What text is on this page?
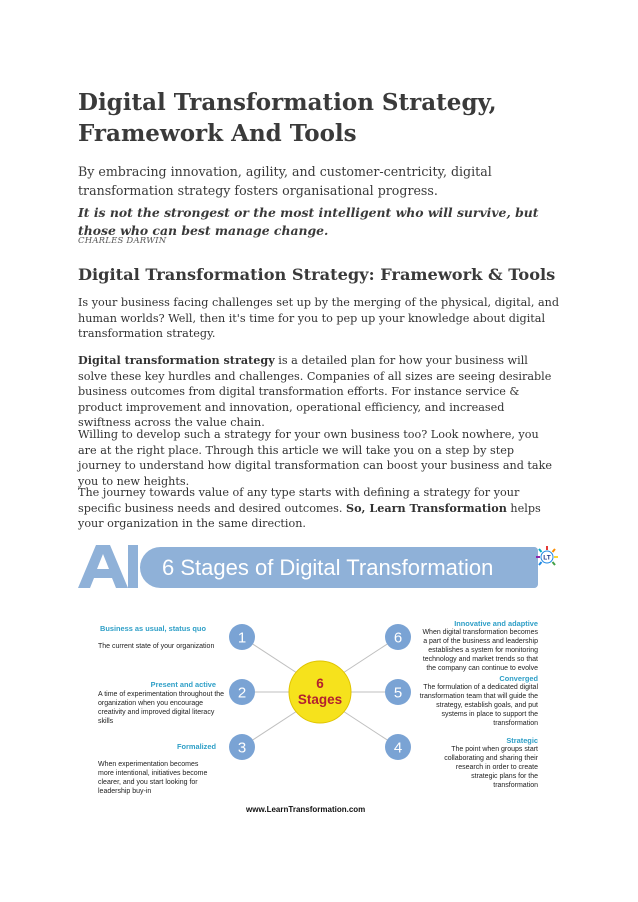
Digital Transformation Strategy, Framework And Tools

By embracing innovation, agility, and customer-centricity, digital transformation strategy fosters organisational progress.

It is not the strongest or the most intelligent who will survive, but those who can best manage change.

CHARLES DARWIN

Digital Transformation Strategy: Framework & Tools

Is your business facing challenges set up by the merging of the physical, digital, and human worlds? Well, then it's time for you to pep up your knowledge about digital transformation strategy.

Digital transformation strategy is a detailed plan for how your business will solve these key hurdles and challenges. Companies of all sizes are seeing desirable business outcomes from digital transformation efforts. For instance service & product improvement and innovation, operational efficiency, and increased swiftness across the value chain.

Willing to develop such a strategy for your own business too? Look nowhere, you are at the right place. Through this article we will take you on a step by step journey to understand how digital transformation can boost your business and take you to new heights.

The journey towards value of any type starts with defining a strategy for your specific business needs and desired outcomes. So, Learn Transformation helps your organization in the same direction.

6 Stages of Digital Transformation	LT
1
2
3	4
5
6
6
Stages
Business as usual, status quo
The current state of your organization
Present and active
A time of experimentation throughout the organization when you encourage creativity and improved digital literacy skills
Formalized
When experimentation becomes more intentional, initiatives become clearer, and you start looking for leadership buy-in
Innovative and adaptive
When digital transformation becomes a part of the business and leadership establishes a system for monitoring technology and market trends so that the company can continue to evolve
Converged
The formulation of a dedicated digital transformation team that will guide the strategy, establish goals, and put systems in place to support the transformation
Strategic
The point when groups start collaborating and sharing their research in order to create strategic plans for the transformation
www.LearnTransformation.com
